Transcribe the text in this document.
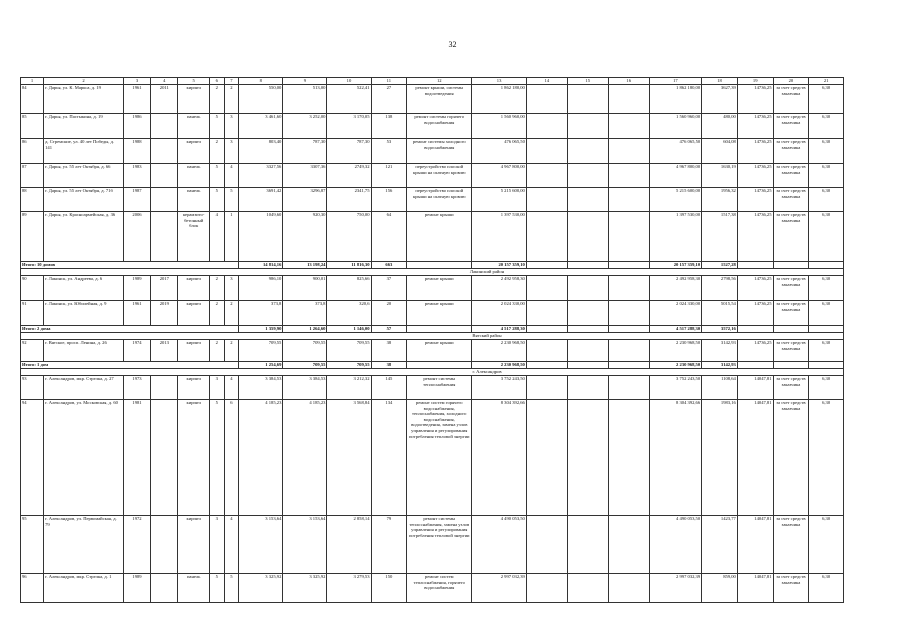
32
1	2	3	4	5	6	7	8	9	10	11	12	13	14	15	16	17	18	19	20	21
84	г. Дарья, ул. К. Маркса, д. 19	1961	2011	кирпич	2	2	550,00	513,00	522,41	27	ремонт крыши, системы водоотведения	1 862 180,00				1 862 180,00	3627,39	14736,25	за счет средств заказчика	6,30
85	г. Дарья, ул. Пастыкина, д. 19	1986		панель	5	3	3 461,60	3 252,00	3 170,05	138	ремонт системы горячего водоснабжения	1 560 960,00				1 560 960,00	480,00	14736,25	за счет средств заказчика	6,30
86	д. Стремские, ул. 40 лет Победы, д. 141	1988		кирпич	2	3	803,40	787,30	787,30	53	ремонт системы холодного водоснабжения	476 065,50				476 065,50	604,08	14736,25	за счет средств заказчика	6,30
87	г. Дарья, ул. 55 лет Октября, д. 66	1983		панель	5	4	3327,56	3307,36	2749,32	121	переустройство плоской крыши на скатную кровлю	4 967 800,00				4 967 800,00	1630,19	14736,25	за счет средств заказчика	6,30
88	г. Дарья, ул. 55 лет Октября, д. 71б	1987		панель	5	5	3691,42	3296,87	2341,75	156	переустройство плоской крыши на скатную кровлю	5 215 600,00				5 215 600,00	1956,32	14736,25	за счет средств заказчика	6,30
89	г. Дарья, ул. Красноармейская, д. 36	2006		керамзито-бетонный блок	4	1	1049,60	920,30	750,00	64	ремонт крыши	1 397 530,00				1 397 530,00	1517,38	14736,25	за счет средств заказчика	6,30
Итого: 10 домов							14 814,16	13 198,24	11 816,30	663		20 157 359,10				20 157 359,10	1527,28			
											Лакинский район									
90	г. Лакинск, ул. Андреева, д. 6	1989	2017	кирпич	2	3	986,10	900,01	825,66	37	ремонт крыши	2 492 958,30				2 492 958,30	2798,56	14736,25	за счет средств заказчика	6,30
91	г. Лакинск, ул. Юбилейная, д. 9	1961	2019	кирпич	2	2	373,8	373,8	320,6	20	ремонт крыши	2 024 330,00				2 024 330,00	5015,54	14736,25	за счет средств заказчика	6,30
Итого: 2 дома							1 359,90	1 264,60	1 146,00	57		4 517 288,30				4 517 288,30	3572,16			
											Вятский район									
92	г. Вятское, просп. Ленина, д. 26	1974	2013	кирпич	2	2	709,55	709,55	709,55	38	ремонт крыши	2 230 968,50				2 230 968,50	3142,93	14736,25	за счет средств заказчика	6,30
Итого: 1 дом							1 254,69	709,55	709,55	38		2 230 968,50				2 230 968,50	3142,93			
											г. Александров									
93	г. Александров, мкр. Стрелка, д. 27	1973		кирпич	3	4	3 384,53	3 384,53	3 212,32	145	ремонт системы теплоснабжения	3 752 243,50				3 752 243,50	1108,64	14047,81	за счет средств заказчика	6,30
94	г. Александров, ул. Московская, д. 60	1981		кирпич	5	6	4 185,23	4 185,23	3 568,84	134	ремонт систем горячего водоснабжения, теплоснабжения, холодного водоснабжения, водоотведения, замена узлов управления и регулирования потребления тепловой энергии	8 304 392,66				8 304 392,66	1983,16	14047,81	за счет средств заказчика	6,30
95	г. Александров, ул. Первомайская, д. 79	1972		кирпич	3	4	3 153,64	3 153,64	2 858,14	79	ремонт системы теплоснабжения, замена узлов управления и регулирования потребления тепловой энергии	4 490 053,50				4 490 053,50	1423,77	14047,81	за счет средств заказчика	6,30
96	г. Александров, мкр. Стрелка, д. 1	1989		панель	5	5	3 325,92	3 325,92	3 279,53	150	ремонт систем теплоснабжения, горячего водоснабжения	2 997 032,39				2 997 032,39	859,00	14047,81	за счет средств заказчика	6,30
